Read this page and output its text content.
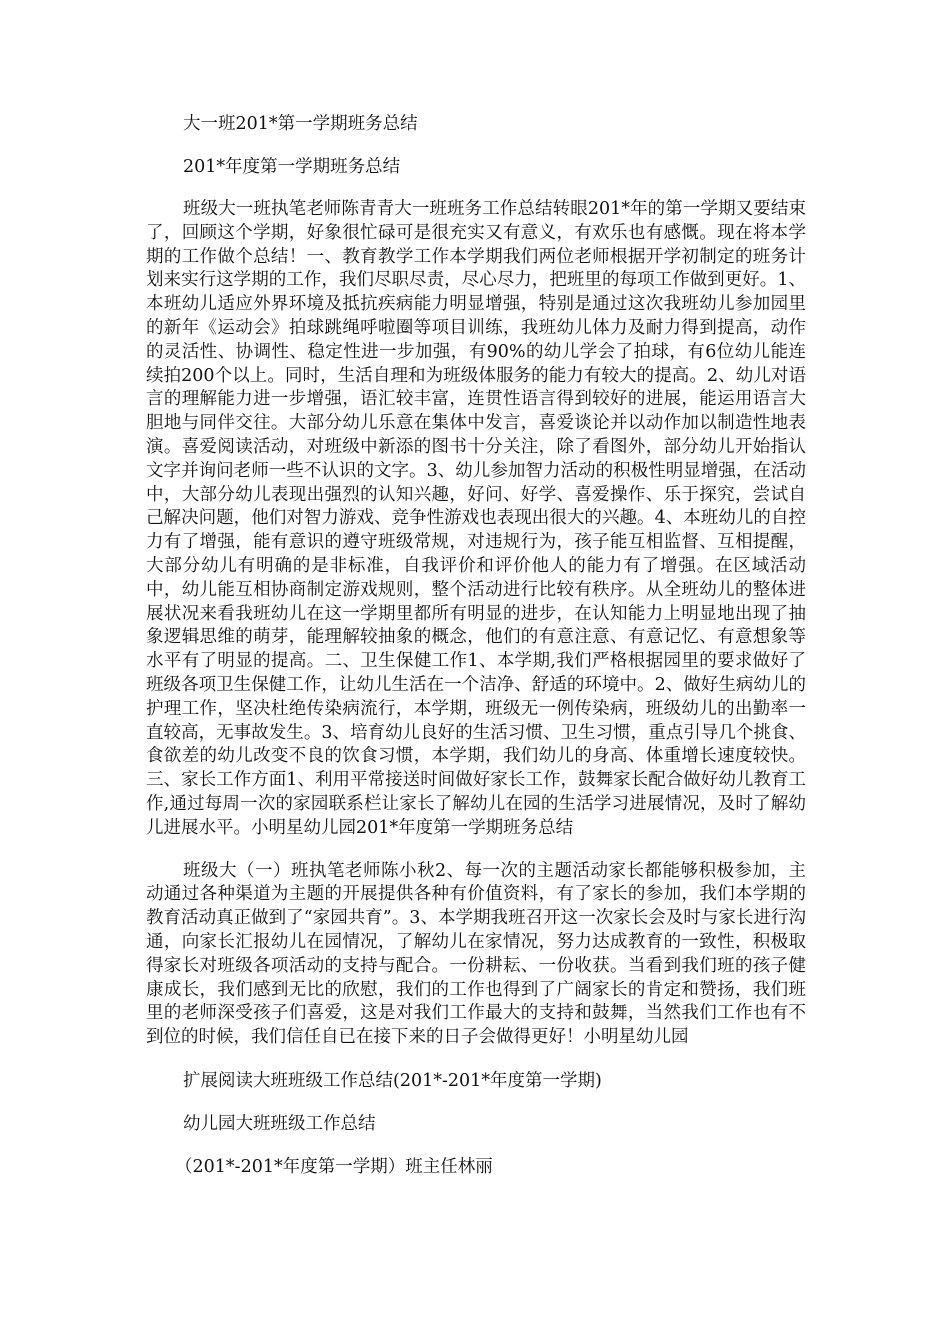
大一班201*第一学期班务总结

201*年度第一学期班务总结

班级大一班执笔老师陈青青大一班班务工作总结转眼201*年的第一学期又要结束了，回顾这个学期，好象很忙碌可是很充实又有意义，有欢乐也有感慨。现在将本学期的工作做个总结！一、教育教学工作本学期我们两位老师根据开学初制定的班务计划来实行这学期的工作，我们尽职尽责，尽心尽力，把班里的每项工作做到更好。1、本班幼儿适应外界环境及抵抗疾病能力明显增强，特别是通过这次我班幼儿参加园里的新年《运动会》拍球跳绳呼啦圈等项目训练，我班幼儿体力及耐力得到提高，动作的灵活性、协调性、稳定性进一步加强，有90%的幼儿学会了拍球，有6位幼儿能连续拍200个以上。同时，生活自理和为班级体服务的能力有较大的提高。2、幼儿对语言的理解能力进一步增强，语汇较丰富，连贯性语言得到较好的进展，能运用语言大胆地与同伴交往。大部分幼儿乐意在集体中发言，喜爱谈论并以动作加以制造性地表演。喜爱阅读活动，对班级中新添的图书十分关注，除了看图外，部分幼儿开始指认文字并询问老师一些不认识的文字。3、幼儿参加智力活动的积极性明显增强，在活动中，大部分幼儿表现出强烈的认知兴趣，好问、好学、喜爱操作、乐于探究，尝试自己解决问题，他们对智力游戏、竞争性游戏也表现出很大的兴趣。4、本班幼儿的自控力有了增强，能有意识的遵守班级常规，对违规行为，孩子能互相监督、互相提醒，大部分幼儿有明确的是非标准，自我评价和评价他人的能力有了增强。在区域活动中，幼儿能互相协商制定游戏规则，整个活动进行比较有秩序。从全班幼儿的整体进展状况来看我班幼儿在这一学期里都所有明显的进步，在认知能力上明显地出现了抽象逻辑思维的萌芽，能理解较抽象的概念，他们的有意注意、有意记忆、有意想象等水平有了明显的提高。二、卫生保健工作1、本学期,我们严格根据园里的要求做好了班级各项卫生保健工作，让幼儿生活在一个洁净、舒适的环境中。2、做好生病幼儿的护理工作，坚决杜绝传染病流行，本学期，班级无一例传染病，班级幼儿的出勤率一直较高，无事故发生。3、培育幼儿良好的生活习惯、卫生习惯，重点引导几个挑食、食欲差的幼儿改变不良的饮食习惯，本学期，我们幼儿的身高、体重增长速度较快。三、家长工作方面1、利用平常接送时间做好家长工作，鼓舞家长配合做好幼儿教育工作,通过每周一次的家园联系栏让家长了解幼儿在园的生活学习进展情况，及时了解幼儿进展水平。小明星幼儿园201*年度第一学期班务总结

班级大（一）班执笔老师陈小秋2、每一次的主题活动家长都能够积极参加，主动通过各种渠道为主题的开展提供各种有价值资料，有了家长的参加，我们本学期的教育活动真正做到了“家园共育”。3、本学期我班召开这一次家长会及时与家长进行沟通，向家长汇报幼儿在园情况，了解幼儿在家情况，努力达成教育的一致性，积极取得家长对班级各项活动的支持与配合。一份耕耘、一份收获。当看到我们班的孩子健康成长，我们感到无比的欣慰，我们的工作也得到了广阔家长的肯定和赞扬，我们班里的老师深受孩子们喜爱，这是对我们工作最大的支持和鼓舞，当然我们工作也有不到位的时候，我们信任自已在接下来的日子会做得更好！小明星幼儿园

扩展阅读大班班级工作总结(201*-201*年度第一学期)

幼儿园大班班级工作总结

（201*-201*年度第一学期）班主任林丽
